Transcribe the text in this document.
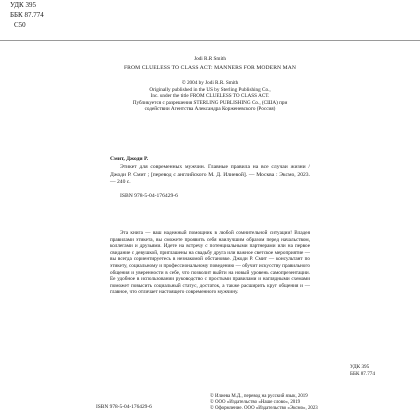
УДК 395
ББК 87.774
С50
Jodi R.R Smith
FROM CLUELESS TO CLASS ACT: MANNERS FOR MODERN MAN
© 2004 by Jodi R.R. Smith
Originally published in the US by Sterling Publishing Co.,
Inc. under the title FROM CLUELESS TO CLASS ACT.
Публикуется с разрешения STERLING PUBLISHING Co., (США) при
содействии Агентства Александра Корженевского (Россия)
Смит, Джоди Р.
Этикет для современных мужчин. Главные правила на все случаи жизни / Джоди Р. Смит ; [перевод с английского М. Д. Илиевой]. — Москва : Эксмо, 2023. — 240 с.
ISBN 978-5-04-176429-6
Эта книга — ваш надежный помощник в любой сомнительной ситуации! Владея правилами этикета, вы сможете проявить себя наилучшим образом перед начальством, коллегами и друзьями. Идете на встречу с потенциальными партнерами или на первое свидание с девушкой, приглашены на свадьбу друга или важное светское мероприятие — вы всегда сориентируетесь в незнакомой обстановке. Джоди Р. Смит — консультант по этикету, социальному и профессиональному поведению — обучит искусству правильного общения и уверенности в себе, что позволит выйти на новый уровень самопрезентации. Ее удобное в использовании руководство с простыми правилами и наглядными схемами поможет повысить социальный статус, достаток, а также расширить круг общения и — главное, что отличает настоящего современного мужчину.
УДК 395
ББК 87.774
ISBN 978-5-04-176429-6
© Илиева М.Д., перевод на русский язык, 2019
© ООО «Издательство «Наше слово», 2019
© Оформление. ООО «Издательство «Эксмо», 2023
